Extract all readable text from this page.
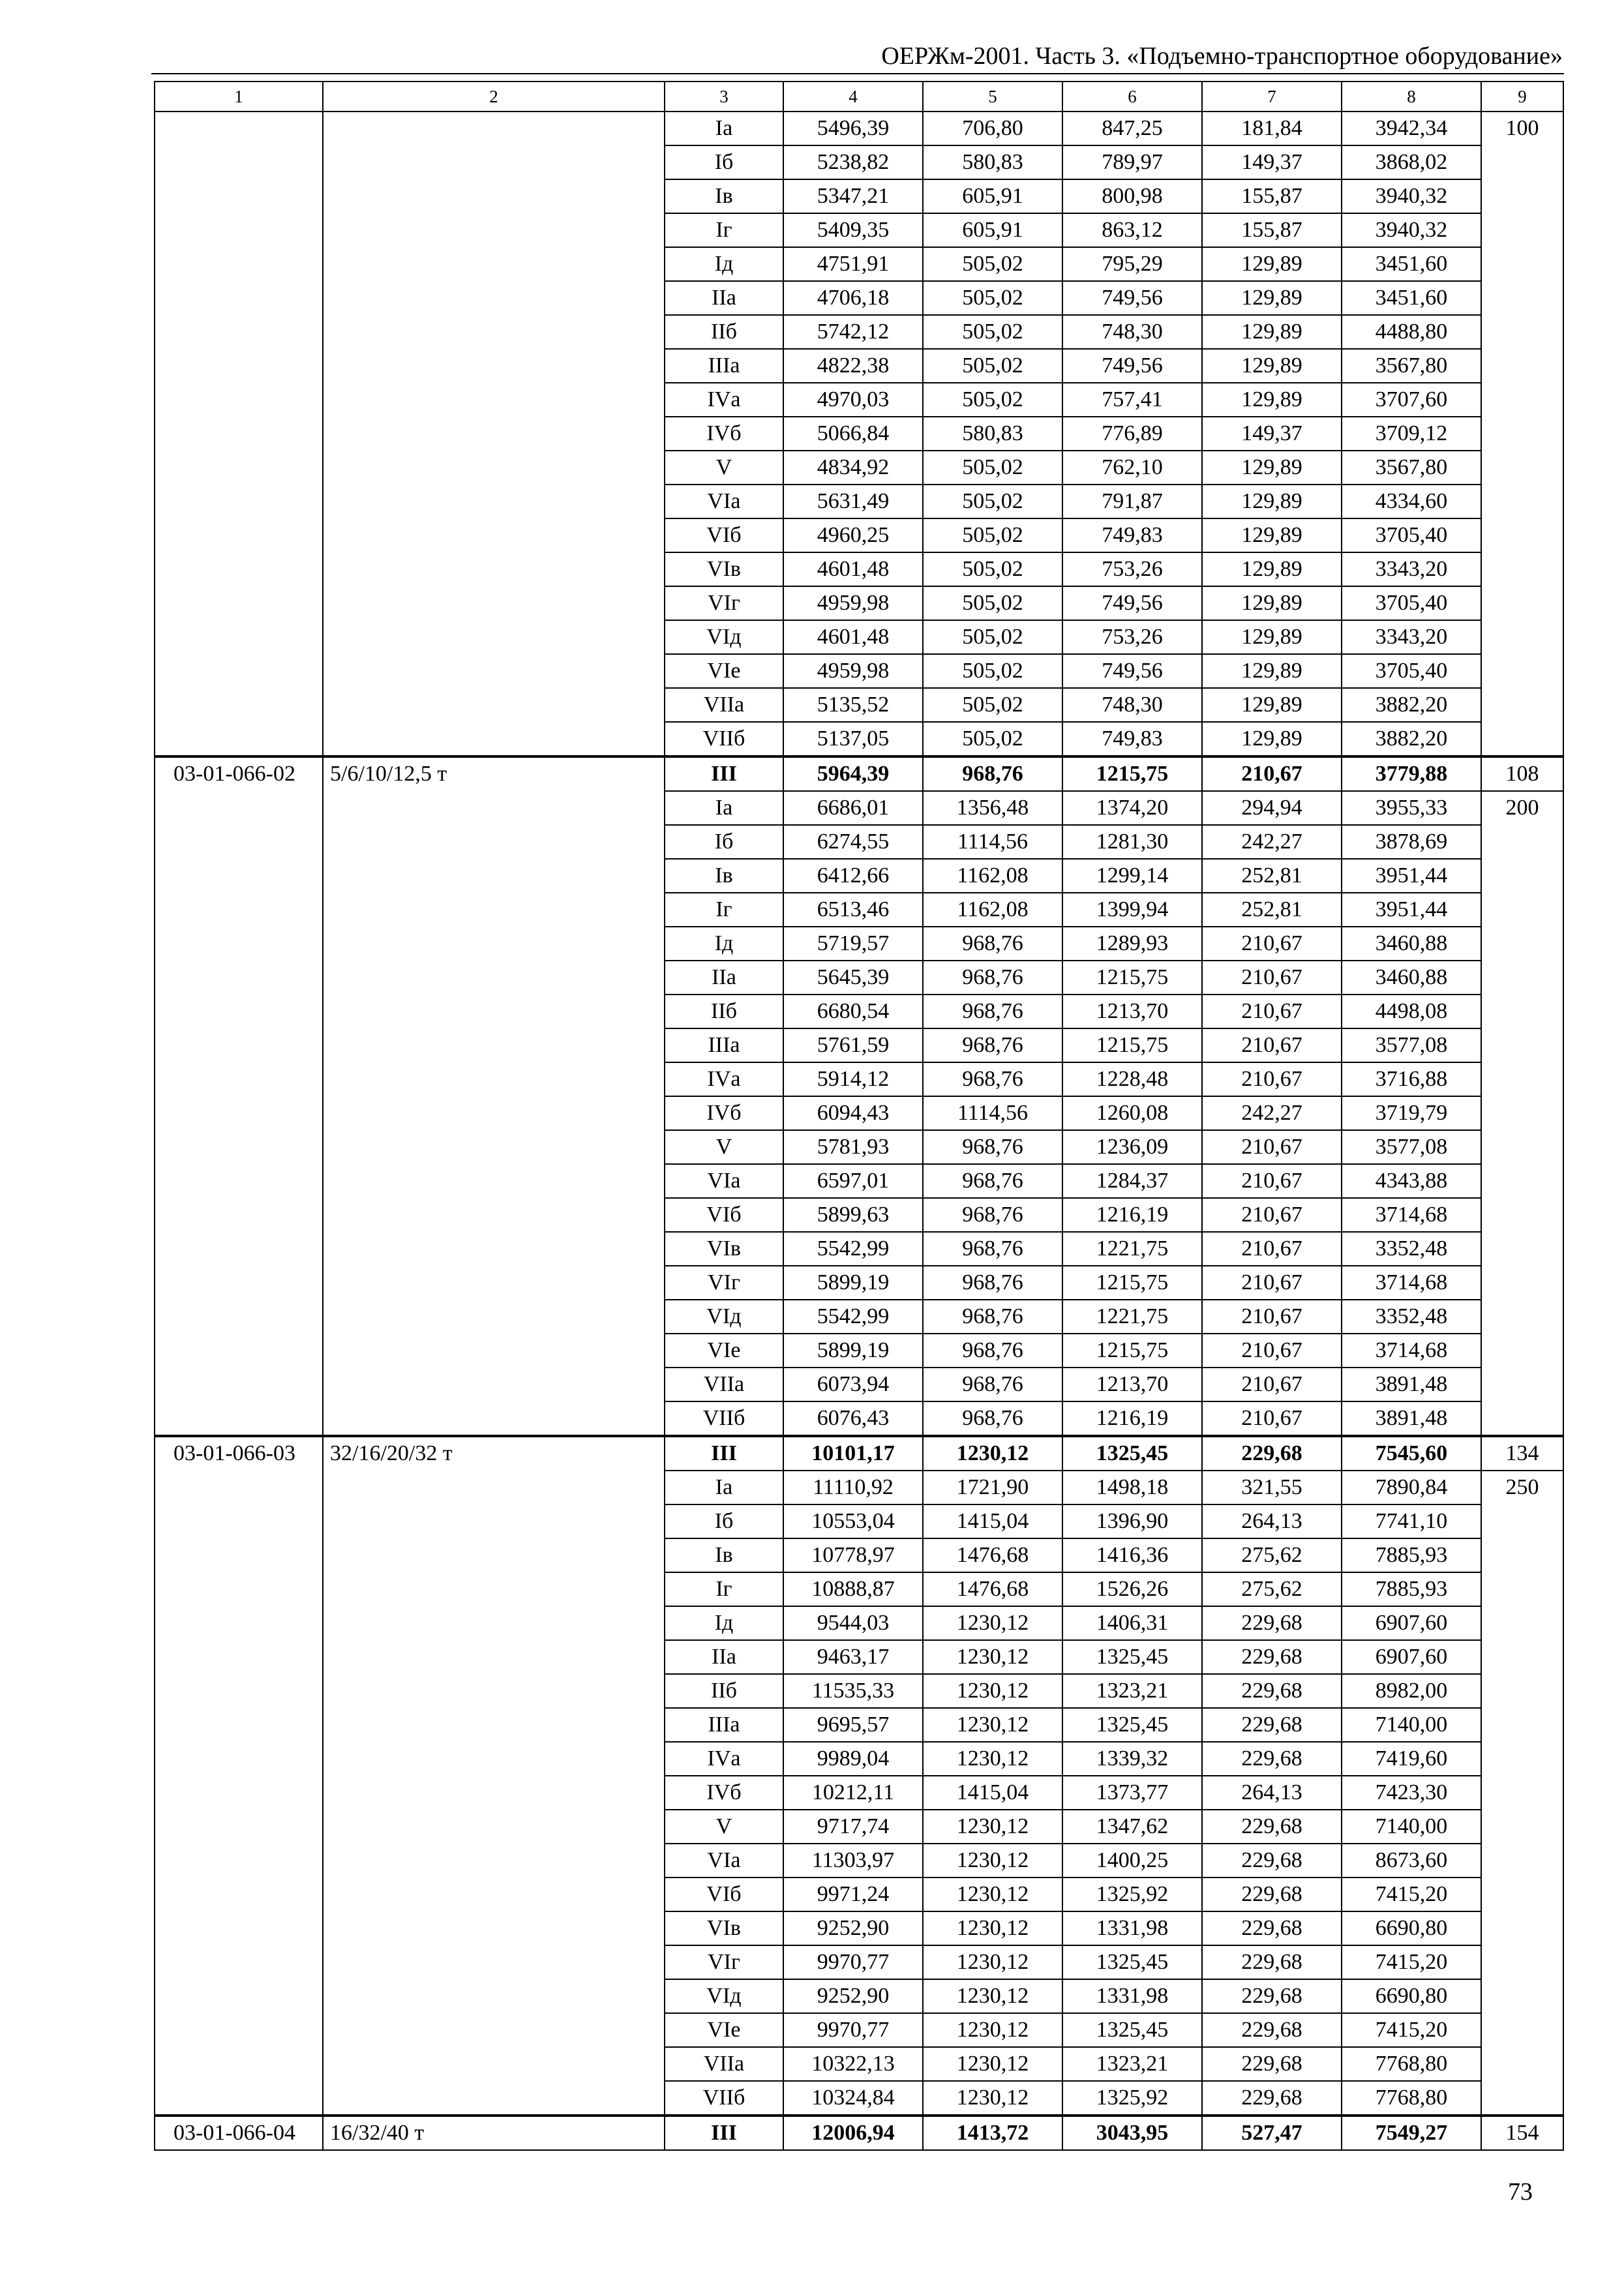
ОЕРЖм-2001. Часть 3. «Подъемно-транспортное оборудование»
1	2	3	4	5	6	7	8	9
		Iа	5496,39	706,80	847,25	181,84	3942,34	100
		Iб	5238,82	580,83	789,97	149,37	3868,02	
		Iв	5347,21	605,91	800,98	155,87	3940,32	
		Iг	5409,35	605,91	863,12	155,87	3940,32	
		Iд	4751,91	505,02	795,29	129,89	3451,60	
		IIа	4706,18	505,02	749,56	129,89	3451,60	
		IIб	5742,12	505,02	748,30	129,89	4488,80	
		IIIа	4822,38	505,02	749,56	129,89	3567,80	
		IVа	4970,03	505,02	757,41	129,89	3707,60	
		IVб	5066,84	580,83	776,89	149,37	3709,12	
		V	4834,92	505,02	762,10	129,89	3567,80	
		VIа	5631,49	505,02	791,87	129,89	4334,60	
		VIб	4960,25	505,02	749,83	129,89	3705,40	
		VIв	4601,48	505,02	753,26	129,89	3343,20	
		VIг	4959,98	505,02	749,56	129,89	3705,40	
		VIд	4601,48	505,02	753,26	129,89	3343,20	
		VIе	4959,98	505,02	749,56	129,89	3705,40	
		VIIа	5135,52	505,02	748,30	129,89	3882,20	
		VIIб	5137,05	505,02	749,83	129,89	3882,20	
03-01-066-02	5/6/10/12,5 т	III	5964,39	968,76	1215,75	210,67	3779,88	108
		Iа	6686,01	1356,48	1374,20	294,94	3955,33	200
		Iб	6274,55	1114,56	1281,30	242,27	3878,69	
		Iв	6412,66	1162,08	1299,14	252,81	3951,44	
		Iг	6513,46	1162,08	1399,94	252,81	3951,44	
		Iд	5719,57	968,76	1289,93	210,67	3460,88	
		IIа	5645,39	968,76	1215,75	210,67	3460,88	
		IIб	6680,54	968,76	1213,70	210,67	4498,08	
		IIIа	5761,59	968,76	1215,75	210,67	3577,08	
		IVа	5914,12	968,76	1228,48	210,67	3716,88	
		IVб	6094,43	1114,56	1260,08	242,27	3719,79	
		V	5781,93	968,76	1236,09	210,67	3577,08	
		VIа	6597,01	968,76	1284,37	210,67	4343,88	
		VIб	5899,63	968,76	1216,19	210,67	3714,68	
		VIв	5542,99	968,76	1221,75	210,67	3352,48	
		VIг	5899,19	968,76	1215,75	210,67	3714,68	
		VIд	5542,99	968,76	1221,75	210,67	3352,48	
		VIе	5899,19	968,76	1215,75	210,67	3714,68	
		VIIа	6073,94	968,76	1213,70	210,67	3891,48	
		VIIб	6076,43	968,76	1216,19	210,67	3891,48	
03-01-066-03	32/16/20/32 т	III	10101,17	1230,12	1325,45	229,68	7545,60	134
		Iа	11110,92	1721,90	1498,18	321,55	7890,84	250
		Iб	10553,04	1415,04	1396,90	264,13	7741,10	
		Iв	10778,97	1476,68	1416,36	275,62	7885,93	
		Iг	10888,87	1476,68	1526,26	275,62	7885,93	
		Iд	9544,03	1230,12	1406,31	229,68	6907,60	
		IIа	9463,17	1230,12	1325,45	229,68	6907,60	
		IIб	11535,33	1230,12	1323,21	229,68	8982,00	
		IIIа	9695,57	1230,12	1325,45	229,68	7140,00	
		IVа	9989,04	1230,12	1339,32	229,68	7419,60	
		IVб	10212,11	1415,04	1373,77	264,13	7423,30	
		V	9717,74	1230,12	1347,62	229,68	7140,00	
		VIа	11303,97	1230,12	1400,25	229,68	8673,60	
		VIб	9971,24	1230,12	1325,92	229,68	7415,20	
		VIв	9252,90	1230,12	1331,98	229,68	6690,80	
		VIг	9970,77	1230,12	1325,45	229,68	7415,20	
		VIд	9252,90	1230,12	1331,98	229,68	6690,80	
		VIе	9970,77	1230,12	1325,45	229,68	7415,20	
		VIIа	10322,13	1230,12	1323,21	229,68	7768,80	
		VIIб	10324,84	1230,12	1325,92	229,68	7768,80	
03-01-066-04	16/32/40 т	III	12006,94	1413,72	3043,95	527,47	7549,27	154
73
